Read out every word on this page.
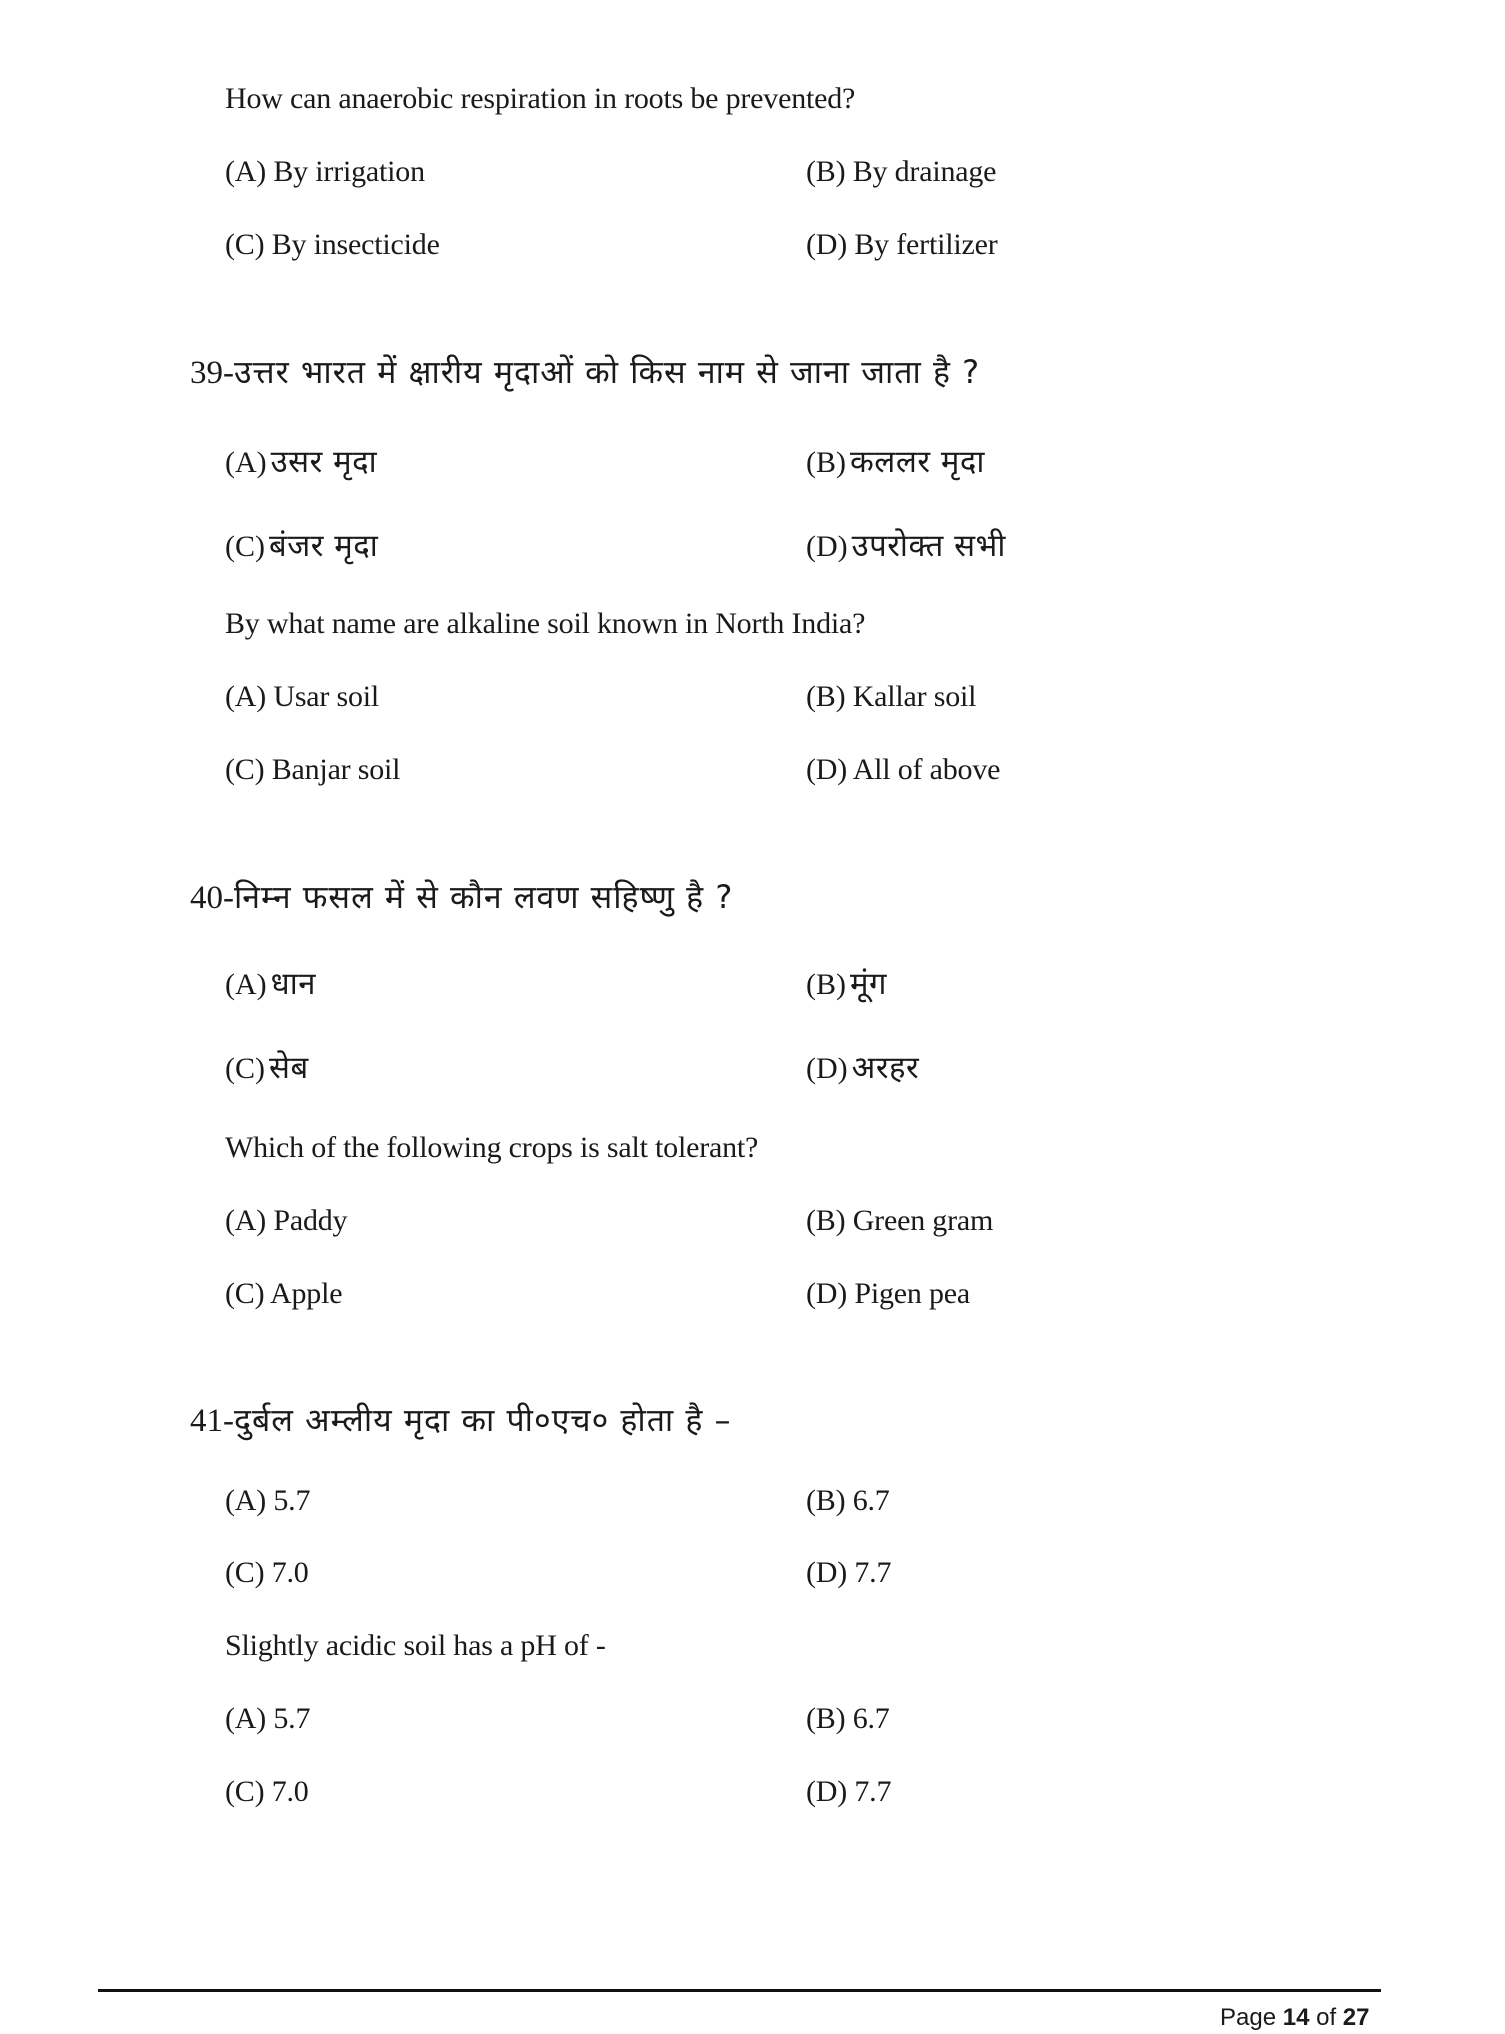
How can anaerobic respiration in roots be prevented?
(A) By irrigation	(B) By drainage
(C) By insecticide	(D) By fertilizer
39-उत्तर भारत में क्षारीय मृदाओं को किस नाम से जाना जाता है ?
(A) उसर मृदा	(B) कललर मृदा
(C) बंजर मृदा	(D) उपरोक्त सभी
By what name are alkaline soil known in North India?
(A) Usar soil	(B) Kallar soil
(C) Banjar soil	(D) All of above
40-निम्न फसल में से कौन लवण सहिष्णु है ?
(A) धान	(B) मूंग
(C) सेब	(D) अरहर
Which of the following crops is salt tolerant?
(A) Paddy	(B) Green gram
(C) Apple	(D) Pigen pea
41-दुर्बल अम्लीय मृदा का पी०एच० होता है –
(A) 5.7	(B) 6.7
(C) 7.0	(D) 7.7
Slightly acidic soil has a pH of -
(A) 5.7	(B) 6.7
(C) 7.0	(D) 7.7
Page 14 of 27
